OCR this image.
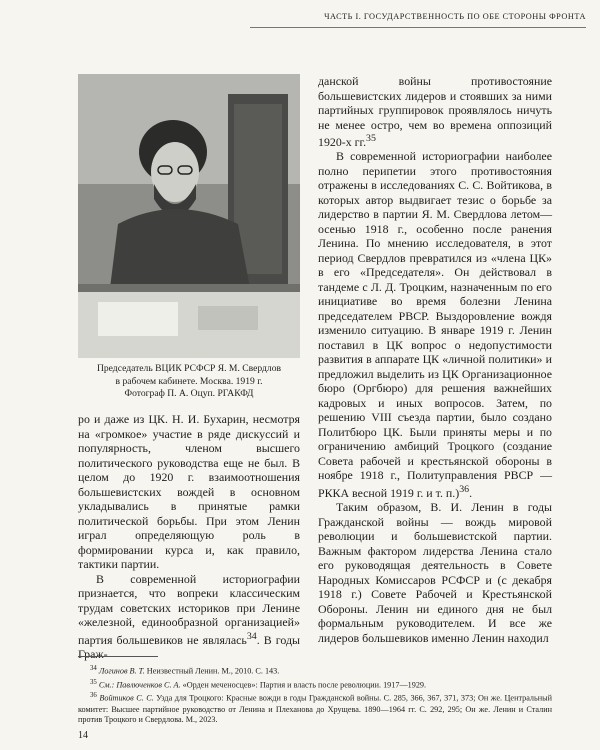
ЧАСТЬ I. ГОСУДАРСТВЕННОСТЬ ПО ОБЕ СТОРОНЫ ФРОНТА
Председатель ВЦИК РСФСР Я. М. Свердлов
в рабочем кабинете. Москва. 1919 г.
Фотограф П. А. Оцуп. РГАКФД

ро и даже из ЦК. Н. И. Бухарин, несмотря на «громкое» участие в ряде дискуссий и популярность, членом высшего политического руководства еще не был. В целом до 1920 г. взаимоотношения большевистских вождей в основном укладывались в принятые рамки политической борьбы. При этом Ленин играл определяющую роль в формировании курса и, как правило, тактики партии.

В современной историографии признается, что вопреки классическим трудам советских историков при Ленине «железной, единообразной организацией» партия большевиков не являлась$^{34}$. В годы Граж-

данской войны противостояние большевистских лидеров и стоявших за ними партийных группировок проявлялось ничуть не менее остро, чем во времена оппозиций 1920-х гг.$^{35}$

В современной историографии наиболее полно перипетии этого противостояния отражены в исследованиях С. С. Войтикова, в которых автор выдвигает тезис о борьбе за лидерство в партии Я. М. Свердлова летом—осенью 1918 г., особенно после ранения Ленина. По мнению исследователя, в этот период Свердлов превратился из «члена ЦК» в его «Председателя». Он действовал в тандеме с Л. Д. Троцким, назначенным по его инициативе во время болезни Ленина председателем РВСР. Выздоровление вождя изменило ситуацию. В январе 1919 г. Ленин поставил в ЦК вопрос о недопустимости развития в аппарате ЦК «личной политики» и предложил выделить из ЦК Организационное бюро (Оргбюро) для решения важнейших кадровых и иных вопросов. Затем, по решению VIII съезда партии, было создано Политбюро ЦК. Были приняты меры и по ограничению амбиций Троцкого (создание Совета рабочей и крестьянской обороны в ноябре 1918 г., Политуправления РВСР — РККА весной 1919 г. и т. п.)$^{36}$.

Таким образом, В. И. Ленин в годы Гражданской войны — вождь мировой революции и большевистской партии. Важным фактором лидерства Ленина стало его руководящая деятельность в Совете Народных Комиссаров РСФСР и (с декабря 1918 г.) Совете Рабочей и Крестьянской Обороны. Ленин ни единого дня не был формальным руководителем. И все же лидеров большевиков именно Ленин находил

$^{34}$ Логинов В. Т. Неизвестный Ленин. М., 2010. С. 143.

$^{35}$ См.: Павлюченков С. А. «Орден меченосцев»: Партия и власть после революции. 1917—1929.

$^{36}$ Войтиков С. С. Узда для Троцкого: Красные вожди в годы Гражданской войны. С. 285, 366, 367, 371, 373; Он же. Центральный комитет: Высшее партийное руководство от Ленина и Плеханова до Хрущева. 1890—1964 гг. С. 292, 295; Он же. Ленин и Сталин против Троцкого и Свердлова. М., 2023.

14
